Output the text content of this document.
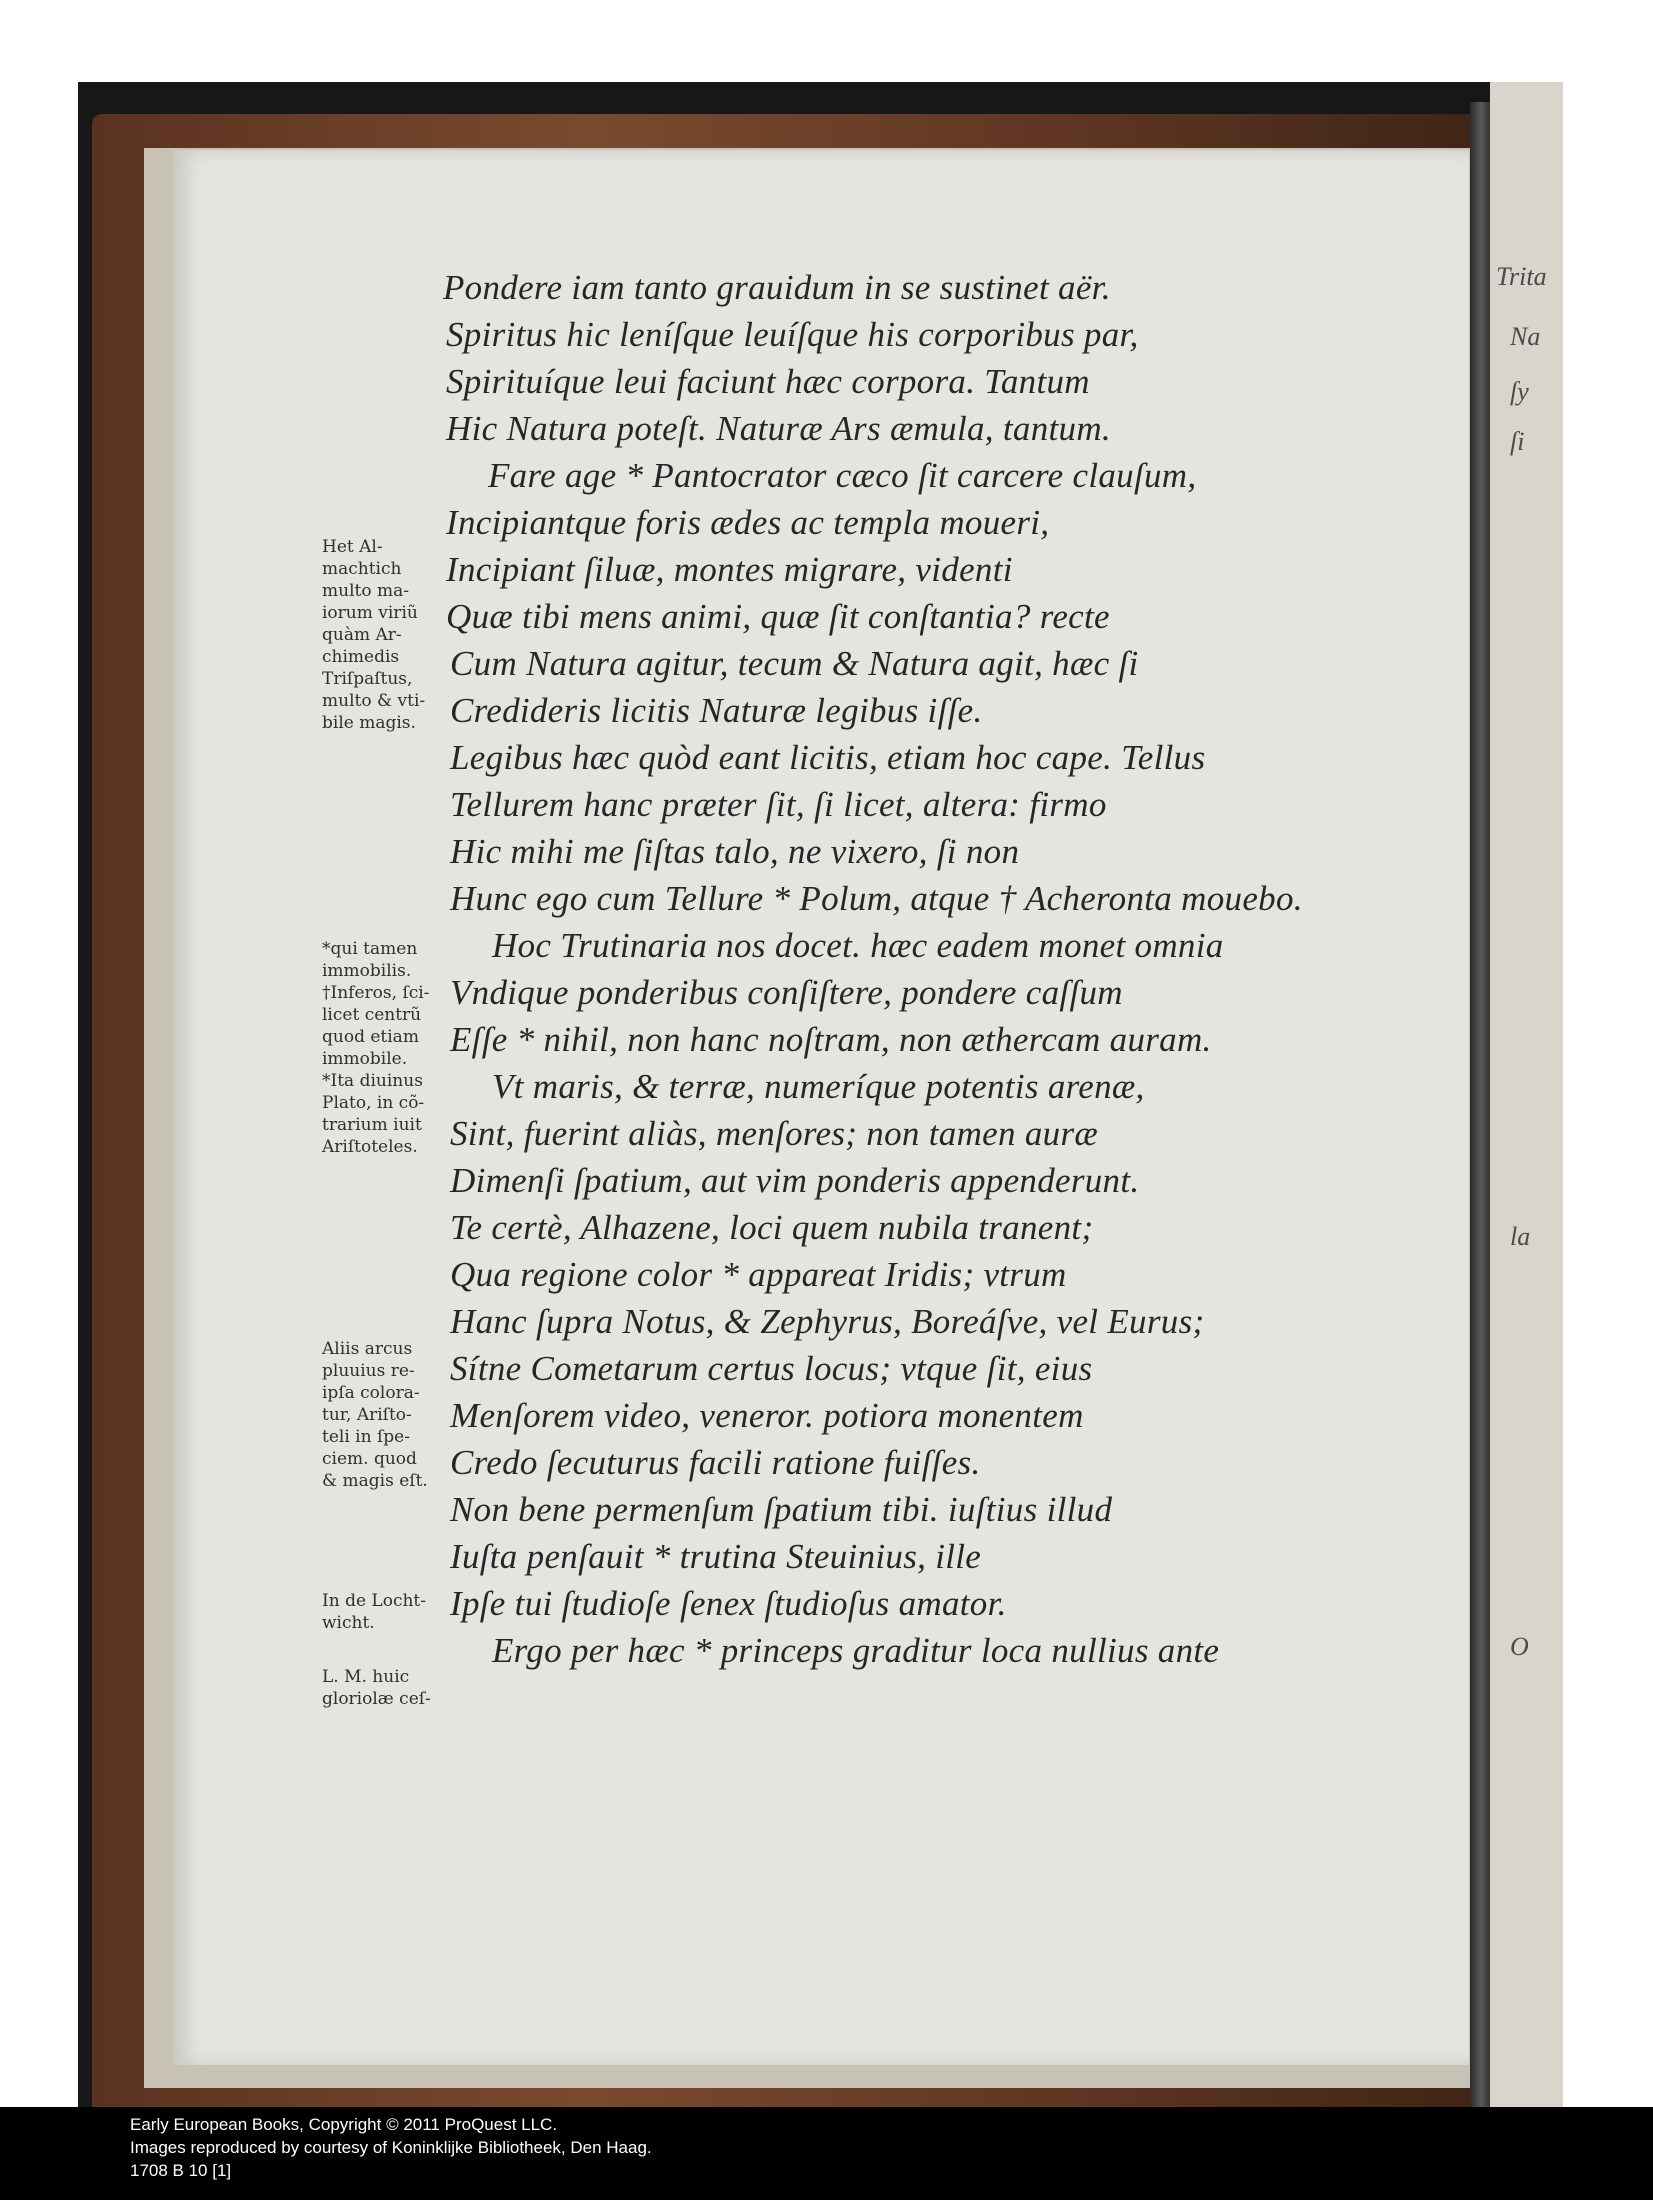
Pondere iam tanto grauidum in se sustinet aër.
Spiritus hic leníſque leuíſque his corporibus par,
Spirituíque leui faciunt hæc corpora. Tantum
Hic Natura poteſt. Naturæ Ars æmula, tantum.
Fare age * Pantocrator cæco ſit carcere clauſum,
Incipiantque foris ædes ac templa moueri,
Incipiant ſiluæ, montes migrare, videnti
Quæ tibi mens animi, quæ ſit conſtantia? recte
Cum Natura agitur, tecum & Natura agit, hæc ſi
Credideris licitis Naturæ legibus iſſe.
Legibus hæc quòd eant licitis, etiam hoc cape. Tellus
Tellurem hanc præter ſit, ſi licet, altera: firmo
Hic mihi me ſiſtas talo, ne vixero, ſi non
Hunc ego cum Tellure * Polum, atque † Acheronta mouebo.
Hoc Trutinaria nos docet. hæc eadem monet omnia
Vndique ponderibus conſiſtere, pondere caſſum
Eſſe * nihil, non hanc noſtram, non æthercam auram.
Vt maris, & terræ, numeríque potentis arenæ,
Sint, fuerint aliàs, menſores; non tamen auræ
Dimenſi ſpatium, aut vim ponderis appenderunt.
Te certè, Alhazene, loci quem nubila tranent;
Qua regione color * appareat Iridis; vtrum
Hanc ſupra Notus, & Zephyrus, Boreáſve, vel Eurus;
Sítne Cometarum certus locus; vtque ſit, eius
Menſorem video, veneror. potiora monentem
Credo ſecuturus facili ratione fuiſſes.
Non bene permenſum ſpatium tibi. iuſtius illud
Iuſta penſauit * trutina Steuinius, ille
Ipſe tui ſtudioſe ſenex ſtudioſus amator.
Ergo per hæc * princeps graditur loca nullius ante
Het Al-
machtich
multo ma-
iorum viriũ
quàm Ar-
chimedis
Triſpaſtus,
multo & vti-
bile magis.
*qui tamen
immobilis.
†Inferos, ſci-
licet centrũ
quod etiam
immobile.
*Ita diuinus
Plato, in cõ-
trarium iuit
Ariſtoteles.
Aliis arcus
pluuius re-
ipſa colora-
tur, Ariſto-
teli in ſpe-
ciem. quod
& magis eſt.
In de Locht-
wicht.
L. M. huic
gloriolæ ceſ-
Trita
Na
ſy
ſi
la
O
Early European Books, Copyright © 2011 ProQuest LLC.
Images reproduced by courtesy of Koninklijke Bibliotheek, Den Haag.
1708 B 10 [1]
